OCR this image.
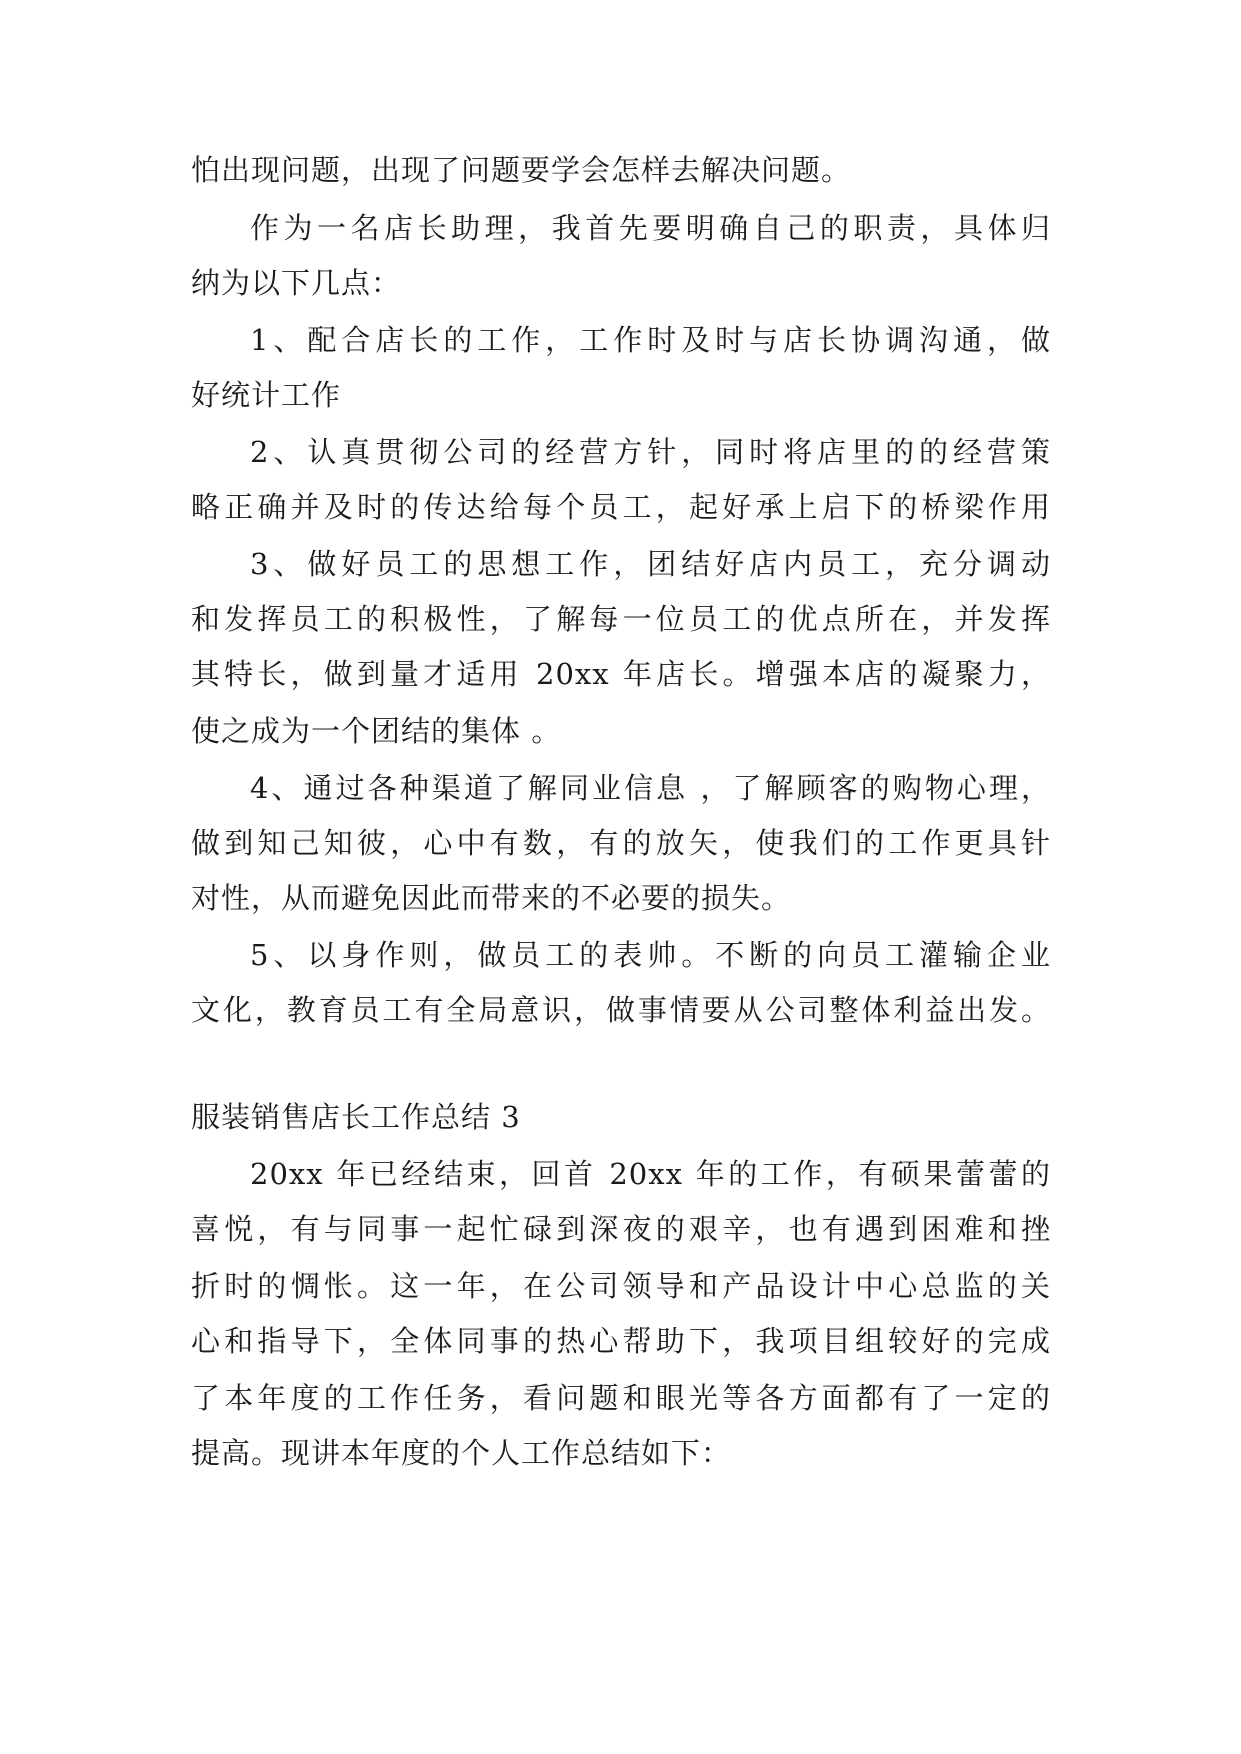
怕出现问题，出现了问题要学会怎样去解决问题。
作为一名店长助理，我首先要明确自己的职责，具体归
纳为以下几点：
1、配合店长的工作，工作时及时与店长协调沟通，做
好统计工作
2、认真贯彻公司的经营方针，同时将店里的的经营策
略正确并及时的传达给每个员工，起好承上启下的桥梁作用
3、做好员工的思想工作，团结好店内员工，充分调动
和发挥员工的积极性，了解每一位员工的优点所在，并发挥
其特长，做到量才适用 20xx 年店长。增强本店的凝聚力，
使之成为一个团结的集体 。
4、通过各种渠道了解同业信息 ，了解顾客的购物心理，
做到知己知彼，心中有数，有的放矢，使我们的工作更具针
对性，从而避免因此而带来的不必要的损失。
5、以身作则，做员工的表帅。不断的向员工灌输企业
文化，教育员工有全局意识，做事情要从公司整体利益出发。
服装销售店长工作总结 3
20xx 年已经结束，回首 20xx 年的工作，有硕果蕾蕾的
喜悦，有与同事一起忙碌到深夜的艰辛，也有遇到困难和挫
折时的惆怅。这一年，在公司领导和产品设计中心总监的关
心和指导下，全体同事的热心帮助下，我项目组较好的完成
了本年度的工作任务，看问题和眼光等各方面都有了一定的
提高。现讲本年度的个人工作总结如下：
